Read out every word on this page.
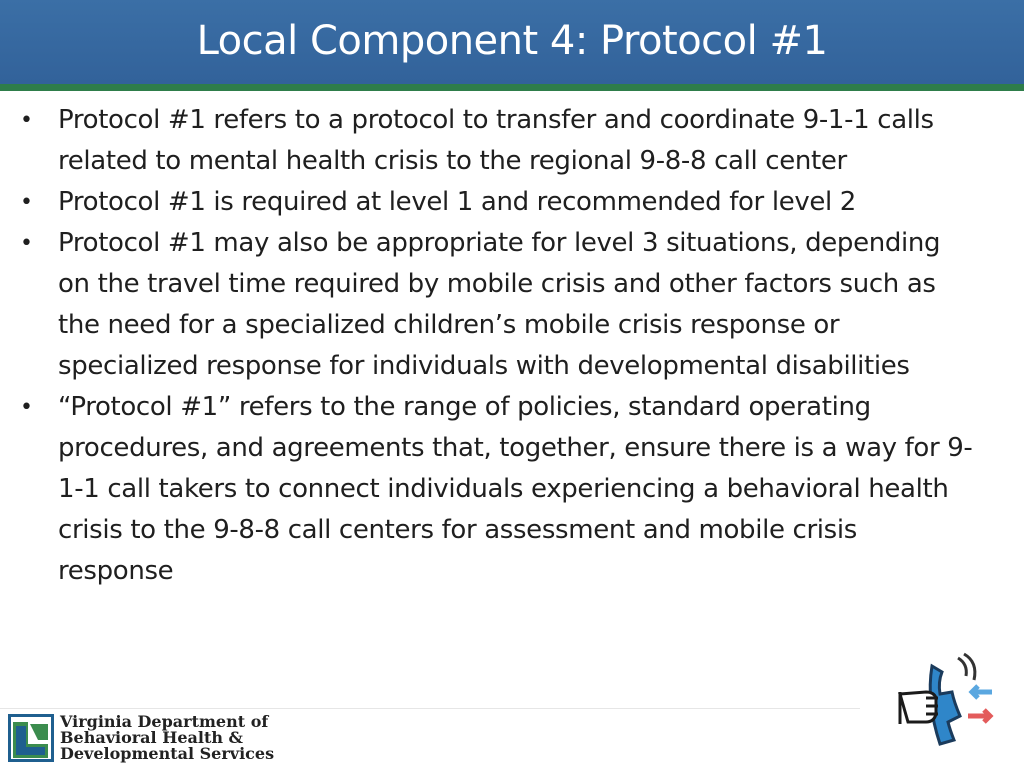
Local Component 4: Protocol #1
• Protocol #1 refers to a protocol to transfer and coordinate 9-1-1 calls related to mental health crisis to the regional 9-8-8 call center
• Protocol #1 is required at level 1 and recommended for level 2
• Protocol #1 may also be appropriate for level 3 situations, depending on the travel time required by mobile crisis and other factors such as the need for a specialized children’s mobile crisis response or specialized response for individuals with developmental disabilities
• “Protocol #1” refers to the range of policies, standard operating procedures, and agreements that, together, ensure there is a way for 9-1-1 call takers to connect individuals experiencing a behavioral health crisis to the 9-8-8 call centers for assessment and mobile crisis response
Virginia Department of
Behavioral Health &
Developmental Services
